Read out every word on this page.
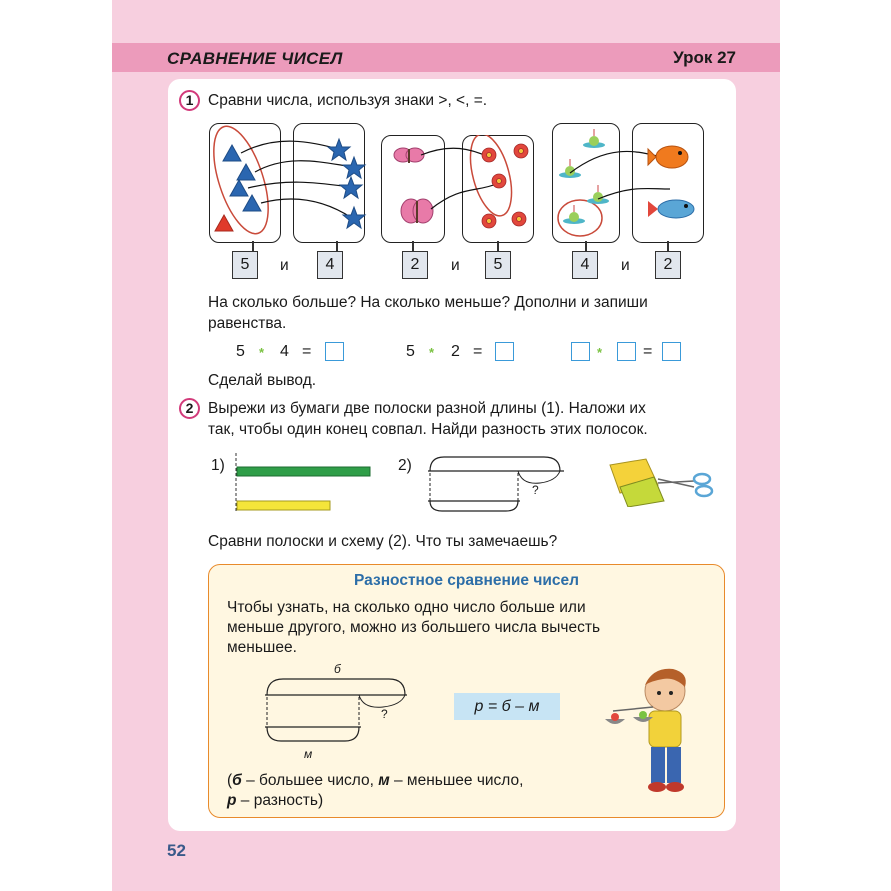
СРАВНЕНИЕ ЧИСЕЛ	Урок 27
1 Сравни числа, используя знаки >, <, =.
5	и	4	2	и	5	4	и	2
На сколько больше? На сколько меньше? Дополни и запиши
равенства.
5 * 4 =	5 * 2 =	*	=
Сделай вывод.
2 Вырежи из бумаги две полоски разной длины (1). Наложи их
так, чтобы один конец совпал. Найди разность этих полосок.
1)	2)
?
Сравни полоски и схему (2). Что ты замечаешь?
Разностное сравнение чисел
Чтобы узнать, на сколько одно число больше или
меньше другого, можно из большего числа вычесть
меньшее.
б
?
м
р = б – м
(б – большее число, м – меньшее число,
р – разность)
52
